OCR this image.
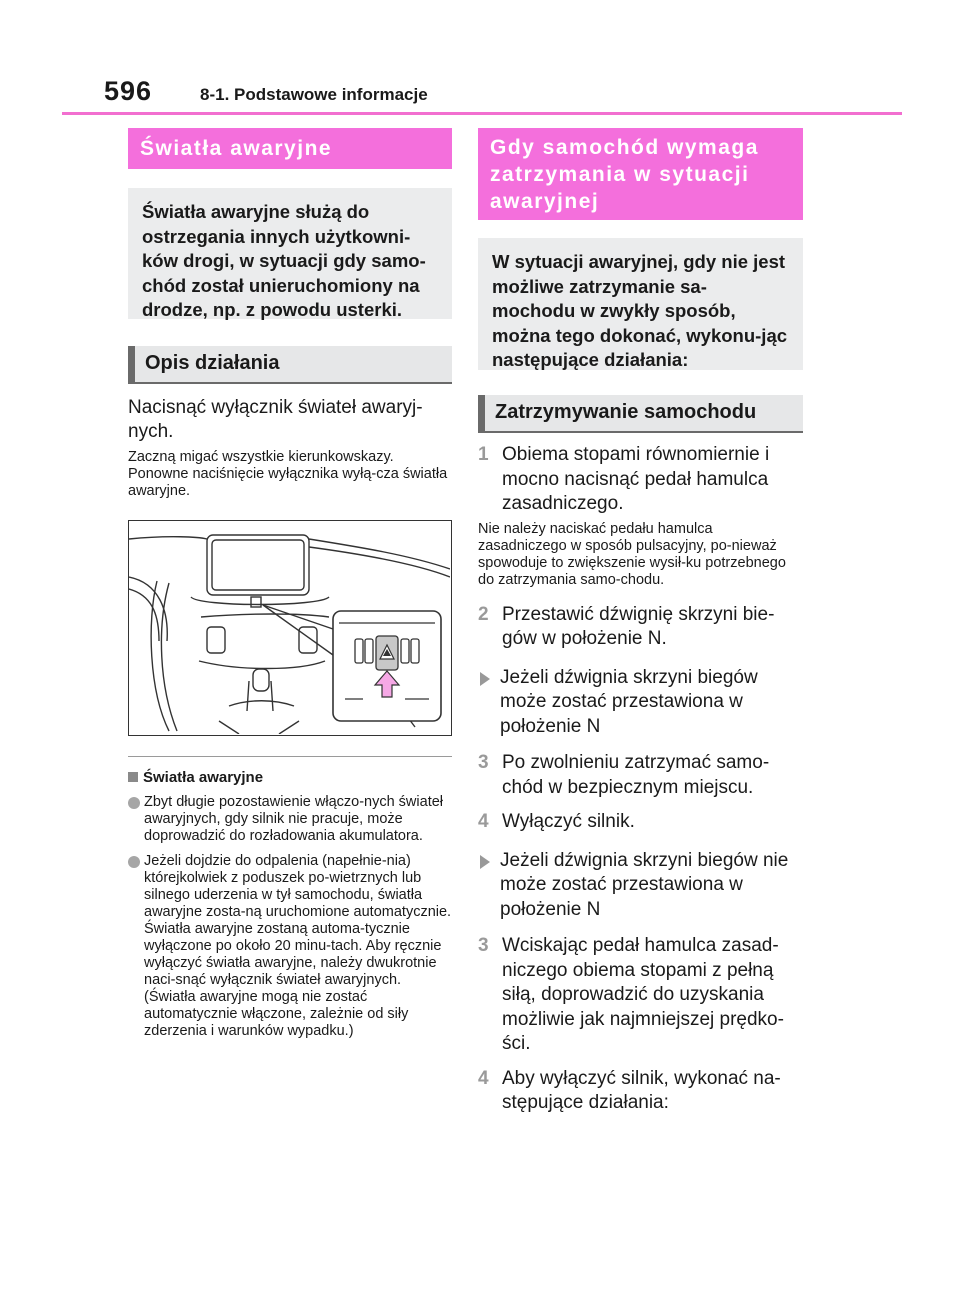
596	8-1. Podstawowe informacje
Światła awaryjne
Światła awaryjne służą do ostrzegania innych użytkowni-ków drogi, w sytuacji gdy samo-chód został unieruchomiony na drodze, np. z powodu usterki.
Opis działania

Nacisnąć wyłącznik świateł awaryj-nych.

Zaczną migać wszystkie kierunkowskazy. Ponowne naciśnięcie wyłącznika wyłą-cza światła awaryjne.

Światła awaryjne
Zbyt długie pozostawienie włączo-nych świateł awaryjnych, gdy silnik nie pracuje, może doprowadzić do rozładowania akumulatora.
Jeżeli dojdzie do odpalenia (napełnie-nia) którejkolwiek z poduszek po-wietrznych lub silnego uderzenia w tył samochodu, światła awaryjne zosta-ną uruchomione automatycznie. Światła awaryjne zostaną automa-tycznie wyłączone po około 20 minu-tach. Aby ręcznie wyłączyć światła awaryjne, należy dwukrotnie naci-snąć wyłącznik świateł awaryjnych. (Światła awaryjne mogą nie zostać automatycznie włączone, zależnie od siły zderzenia i warunków wypadku.)
Gdy samochód wymaga zatrzymania w sytuacji awaryjnej
W sytuacji awaryjnej, gdy nie jest możliwe zatrzymanie sa-mochodu w zwykły sposób, można tego dokonać, wykonu-jąc następujące działania:
Zatrzymywanie samochodu
1 Obiema stopami równomiernie i mocno nacisnąć pedał hamulca zasadniczego.

Nie należy naciskać pedału hamulca zasadniczego w sposób pulsacyjny, po-nieważ spowoduje to zwiększenie wysił-ku potrzebnego do zatrzymania samo-chodu.

2 Przestawić dźwignię skrzyni bie-gów w położenie N.
Jeżeli dźwignia skrzyni biegów może zostać przestawiona w położenie N
3 Po zwolnieniu zatrzymać samo-chód w bezpiecznym miejscu.
4 Wyłączyć silnik.
Jeżeli dźwignia skrzyni biegów nie może zostać przestawiona w położenie N
3 Wciskając pedał hamulca zasad-niczego obiema stopami z pełną siłą, doprowadzić do uzyskania możliwie jak najmniejszej prędko-ści.
4 Aby wyłączyć silnik, wykonać na-stępujące działania:
